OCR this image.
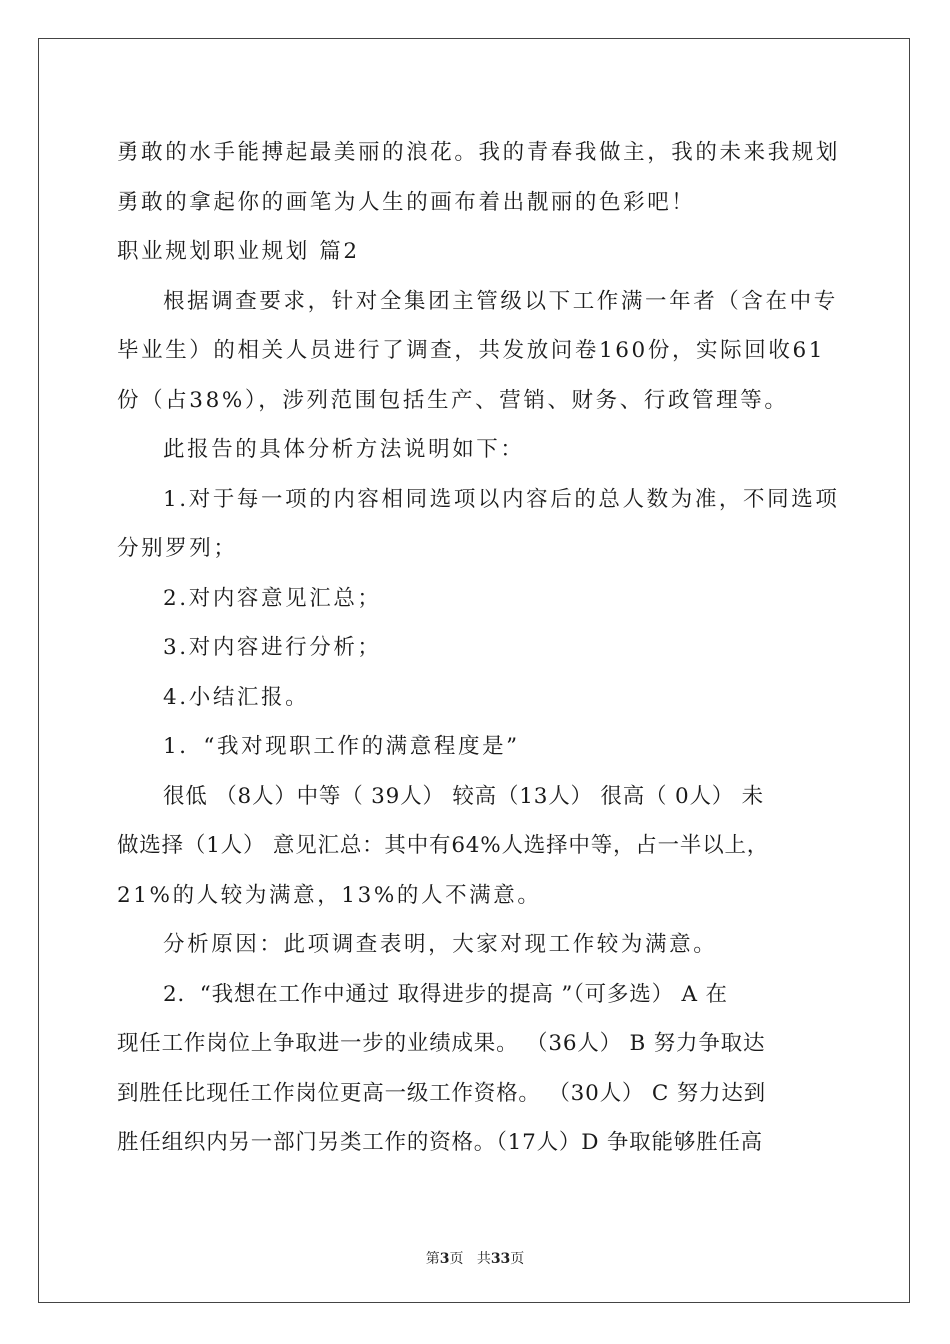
勇敢的水手能搏起最美丽的浪花。我的青春我做主，我的未来我规划
勇敢的拿起你的画笔为人生的画布着出靓丽的色彩吧！
职业规划职业规划 篇2
根据调查要求，针对全集团主管级以下工作满一年者（含在中专
毕业生）的相关人员进行了调查，共发放问卷160份，实际回收61
份（占38%），涉列范围包括生产、营销、财务、行政管理等。
此报告的具体分析方法说明如下：
1.对于每一项的内容相同选项以内容后的总人数为准，不同选项
分别罗列；
2.对内容意见汇总；
3.对内容进行分析；
4.小结汇报。
1．“我对现职工作的满意程度是”
很低 （8人）中等（ 39人） 较高（13人） 很高（ 0人） 未
做选择（1人） 意见汇总：其中有64%人选择中等，占一半以上，
21%的人较为满意，13%的人不满意。
分析原因：此项调查表明，大家对现工作较为满意。
2．“我想在工作中通过 取得进步的提高 ”（可多选） A 在
现任工作岗位上争取进一步的业绩成果。 （36人） B 努力争取达
到胜任比现任工作岗位更高一级工作资格。 （30人） C 努力达到
胜任组织内另一部门另类工作的资格。（17人）D 争取能够胜任高
第3页 共33页
